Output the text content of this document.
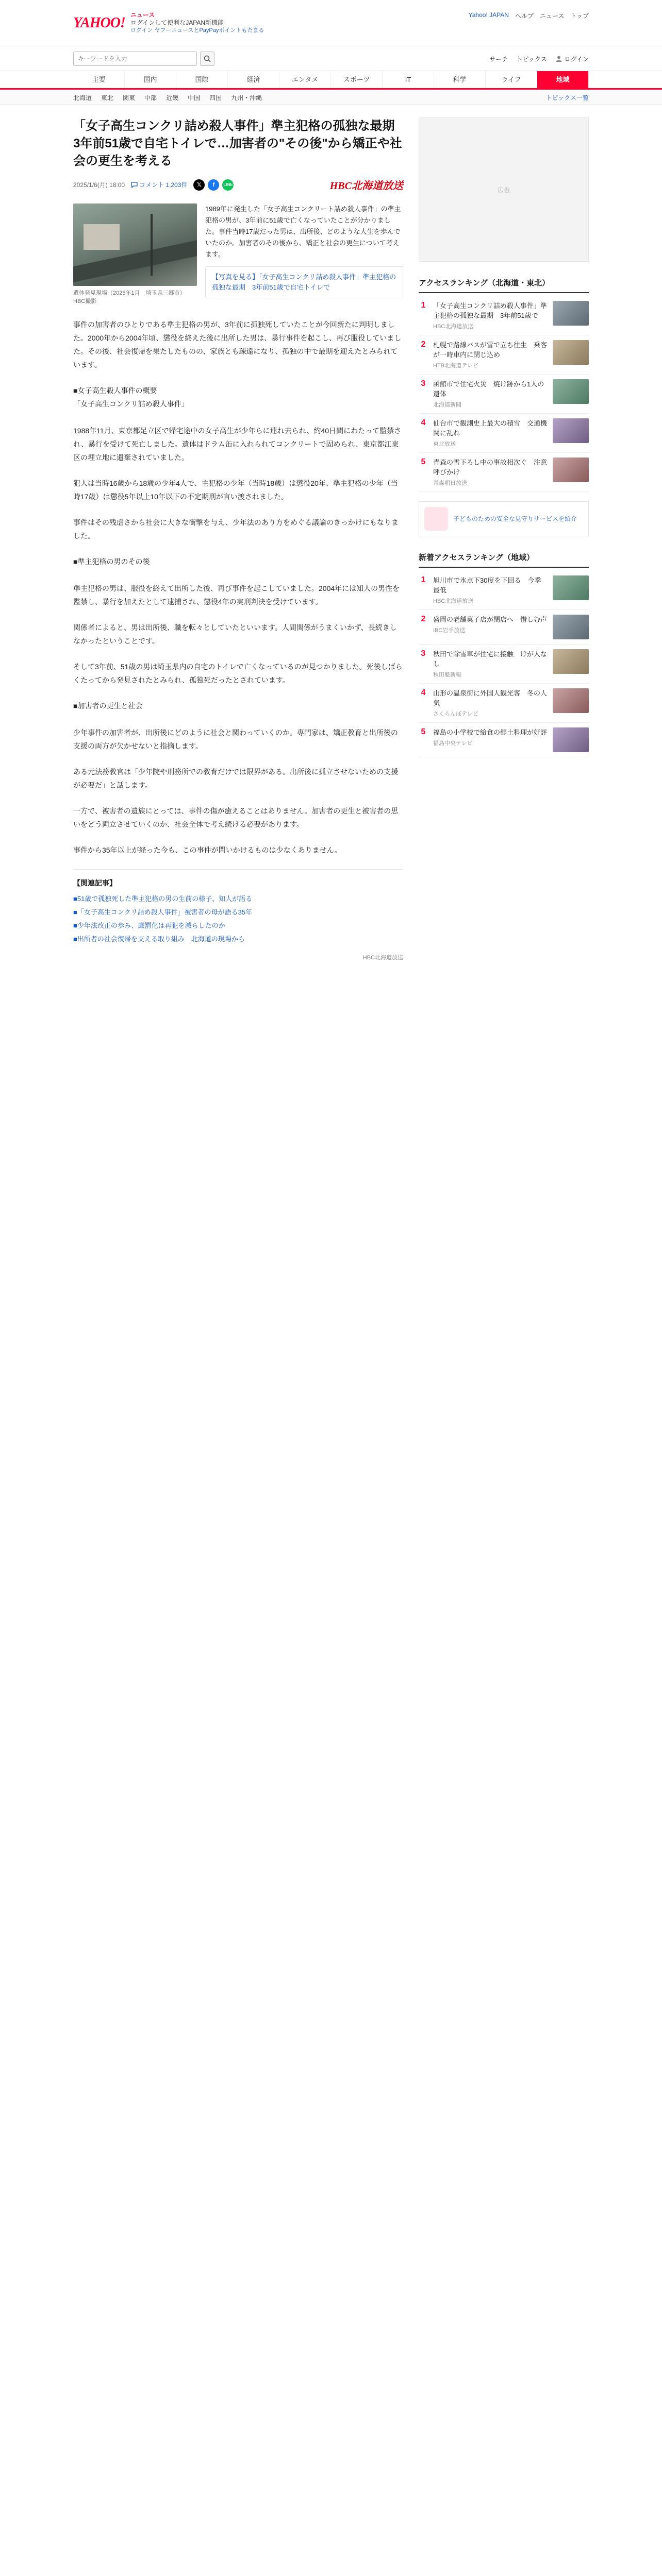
YAHOO! ニュース
ログインして便利なJAPAN新機能
ログイン ヤフーニュースとPayPayポイントもたまる
Yahoo! JAPAN ヘルプ ニュース トップ
キーワードを入力
サーチ トピックス	ログイン
主要	国内	国際	経済	エンタメ	スポーツ	IT	科学	ライフ	地域
北海道 東北 関東 中部 近畿 中国 四国 九州・沖縄	トピックス一覧
「女子高生コンクリ詰め殺人事件」準主犯格の孤独な最期　3年前51歳で自宅トイレで…加害者の"その後"から矯正や社会の更生を考える
2025/1/6(月) 18:00 コメント 1,203件	𝕏	f	LINE	HBC北海道放送
遺体発見現場（2025年1月　埼玉県三郷市）HBC撮影

1989年に発生した「女子高生コンクリート詰め殺人事件」の準主犯格の男が、3年前に51歳で亡くなっていたことが分かりました。事件当時17歳だった男は、出所後、どのような人生を歩んでいたのか。加害者のその後から、矯正と社会の更生について考えます。

【写真を見る】「女子高生コンクリ詰め殺人事件」準主犯格の孤独な最期　3年前51歳で自宅トイレで

事件の加害者のひとりである準主犯格の男が、3年前に孤独死していたことが今回新たに判明しました。2000年から2004年頃、懲役を終えた後に出所した男は、暴行事件を起こし、再び服役していました。その後、社会復帰を果たしたものの、家族とも疎遠になり、孤独の中で最期を迎えたとみられています。

■女子高生殺人事件の概要
「女子高生コンクリ詰め殺人事件」

1988年11月、東京都足立区で帰宅途中の女子高生が少年らに連れ去られ、約40日間にわたって監禁され、暴行を受けて死亡しました。遺体はドラム缶に入れられてコンクリートで固められ、東京都江東区の埋立地に遺棄されていました。

犯人は当時16歳から18歳の少年4人で、主犯格の少年（当時18歳）は懲役20年、準主犯格の少年（当時17歳）は懲役5年以上10年以下の不定期刑が言い渡されました。

事件はその残虐さから社会に大きな衝撃を与え、少年法のあり方をめぐる議論のきっかけにもなりました。

■準主犯格の男のその後

準主犯格の男は、服役を終えて出所した後、再び事件を起こしていました。2004年には知人の男性を監禁し、暴行を加えたとして逮捕され、懲役4年の実刑判決を受けています。

関係者によると、男は出所後、職を転々としていたといいます。人間関係がうまくいかず、長続きしなかったということです。

そして3年前、51歳の男は埼玉県内の自宅のトイレで亡くなっているのが見つかりました。死後しばらくたってから発見されたとみられ、孤独死だったとされています。

■加害者の更生と社会

少年事件の加害者が、出所後にどのように社会と関わっていくのか。専門家は、矯正教育と出所後の支援の両方が欠かせないと指摘します。

ある元法務教官は「少年院や刑務所での教育だけでは限界がある。出所後に孤立させないための支援が必要だ」と話します。

一方で、被害者の遺族にとっては、事件の傷が癒えることはありません。加害者の更生と被害者の思いをどう両立させていくのか、社会全体で考え続ける必要があります。

事件から35年以上が経った今も、この事件が問いかけるものは少なくありません。

【関連記事】
■51歳で孤独死した準主犯格の男の生前の様子、知人が語る
■「女子高生コンクリ詰め殺人事件」被害者の母が語る35年
■少年法改正の歩み、厳罰化は再犯を減らしたのか
■出所者の社会復帰を支える取り組み　北海道の現場から
HBC北海道放送
広告
アクセスランキング（北海道・東北）
1	「女子高生コンクリ詰め殺人事件」準主犯格の孤独な最期　3年前51歳で
HBC北海道放送
2	札幌で路線バスが雪で立ち往生　乗客が一時車内に閉じ込め
HTB北海道テレビ
3	函館市で住宅火災　焼け跡から1人の遺体
北海道新聞
4	仙台市で観測史上最大の積雪　交通機関に乱れ
東北放送
5	青森の雪下ろし中の事故相次ぐ　注意呼びかけ
青森朝日放送
子どものための安全な見守りサービスを紹介
新着アクセスランキング（地域）
1	旭川市で氷点下30度を下回る　今季最低
HBC北海道放送
2	盛岡の老舗菓子店が閉店へ　惜しむ声
IBC岩手放送
3	秋田で除雪車が住宅に接触　けが人なし
秋田魁新報
4	山形の温泉街に外国人観光客　冬の人気
さくらんぼテレビ
5	福島の小学校で給食の郷土料理が好評
福島中央テレビ
